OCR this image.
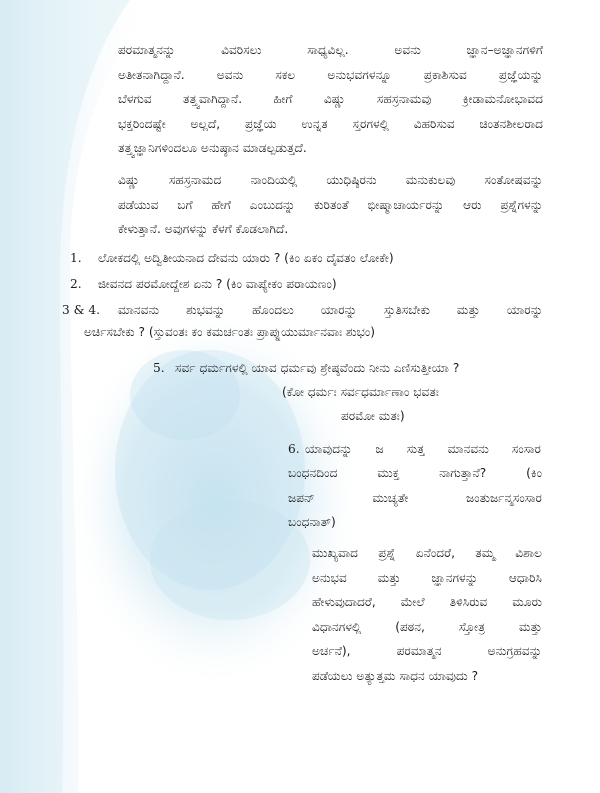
ಪರಮಾತ್ಮನನ್ನು ವಿವರಿಸಲು ಸಾಧ್ಯವಿಲ್ಲ. ಅವನು ಜ್ಞಾನ–ಅಜ್ಞಾನಗಳಿಗೆ
ಅತೀತನಾಗಿದ್ದಾನೆ. ಅವನು ಸಕಲ ಅನುಭವಗಳನ್ನೂ ಪ್ರಕಾಶಿಸುವ ಪ್ರಜ್ಞೆಯನ್ನು
ಬೆಳಗುವ ತತ್ತ್ವವಾಗಿದ್ದಾನೆ. ಹೀಗೆ ವಿಷ್ಣು ಸಹಸ್ರನಾಮವು ಕ್ರೀಡಾಮನೋಭಾವದ
ಭಕ್ತರಿಂದಷ್ಟೇ ಅಲ್ಲದೆ, ಪ್ರಜ್ಞೆಯ ಉನ್ನತ ಸ್ತರಗಳಲ್ಲಿ ವಿಹರಿಸುವ ಚಿಂತನಶೀಲರಾದ
ತತ್ತ್ವಜ್ಞಾನಿಗಳಿಂದಲೂ ಅನುಷ್ಠಾನ ಮಾಡಲ್ಪಡುತ್ತದೆ.
ವಿಷ್ಣು ಸಹಸ್ರನಾಮದ ನಾಂದಿಯಲ್ಲಿ ಯುಧಿಷ್ಠಿರನು ಮನುಕುಲವು ಸಂತೋಷವನ್ನು
ಪಡೆಯುವ ಬಗೆ ಹೇಗೆ ಎಂಬುದನ್ನು ಕುರಿತಂತೆ ಭೀಷ್ಮಾಚಾರ್ಯರನ್ನು ಆರು ಪ್ರಶ್ನೆಗಳನ್ನು
ಕೇಳುತ್ತಾನೆ. ಅವುಗಳನ್ನು ಕೆಳಗೆ ಕೊಡಲಾಗಿದೆ.
1. ಲೋಕದಲ್ಲಿ ಅದ್ವಿತೀಯನಾದ ದೇವನು ಯಾರು ? (ಕಿಂ ಏಕಂ ದೈವತಂ ಲೋಕೇ)
2. ಜೀವನದ ಪರಮೋದ್ದೇಶ ಏನು ? (ಕಿಂ ವಾಪ್ಯೇಕಂ ಪರಾಯಣಂ)
3 & 4. ಮಾನವನು ಶುಭವನ್ನು ಹೊಂದಲು ಯಾರನ್ನು ಸ್ತುತಿಸಬೇಕು ಮತ್ತು ಯಾರನ್ನು
ಅರ್ಚಿಸಬೇಕು ? (ಸ್ತುವಂತಃ ಕಂ ಕಮರ್ಚಂತಃ ಪ್ರಾಪ್ನುಯುರ್ಮಾನವಾಃ ಶುಭಂ)
5. ಸರ್ವ ಧರ್ಮಗಳಲ್ಲಿ ಯಾವ ಧರ್ಮವು ಶ್ರೇಷ್ಠವೆಂದು ನೀನು ಎಣಿಸುತ್ತೀಯಾ ?
(ಕೋ ಧರ್ಮಃ ಸರ್ವಧರ್ಮಾಣಾಂ ಭವತಃ
ಪರಮೋ ಮತಃ)
6. ಯಾವುದನ್ನು ಜ ಸುತ್ತ ಮಾನವನು ಸಂಸಾರ
ಬಂಧನದಿಂದ ಮುಕ್ತ ನಾಗುತ್ತಾನೆ? (ಕಿಂ
ಜಪನ್ ಮುಚ್ಯತೇ ಜಂತುರ್ಜನ್ಮಸಂಸಾರ
ಬಂಧನಾತ್)
ಮುಖ್ಯವಾದ ಪ್ರಶ್ನೆ ಏನೆಂದರೆ, ತಮ್ಮ ವಿಶಾಲ
ಅನುಭವ ಮತ್ತು ಜ್ಞಾನಗಳನ್ನು ಆಧಾರಿಸಿ
ಹೇಳುವುದಾದರೆ, ಮೇಲೆ ತಿಳಿಸಿರುವ ಮೂರು
ವಿಧಾನಗಳಲ್ಲಿ (ಪಠನ, ಸ್ತೋತ್ರ ಮತ್ತು
ಅರ್ಚನೆ), ಪರಮಾತ್ಮನ ಅನುಗ್ರಹವನ್ನು
ಪಡೆಯಲು ಅತ್ಯುತ್ತಮ ಸಾಧನ ಯಾವುದು ?
